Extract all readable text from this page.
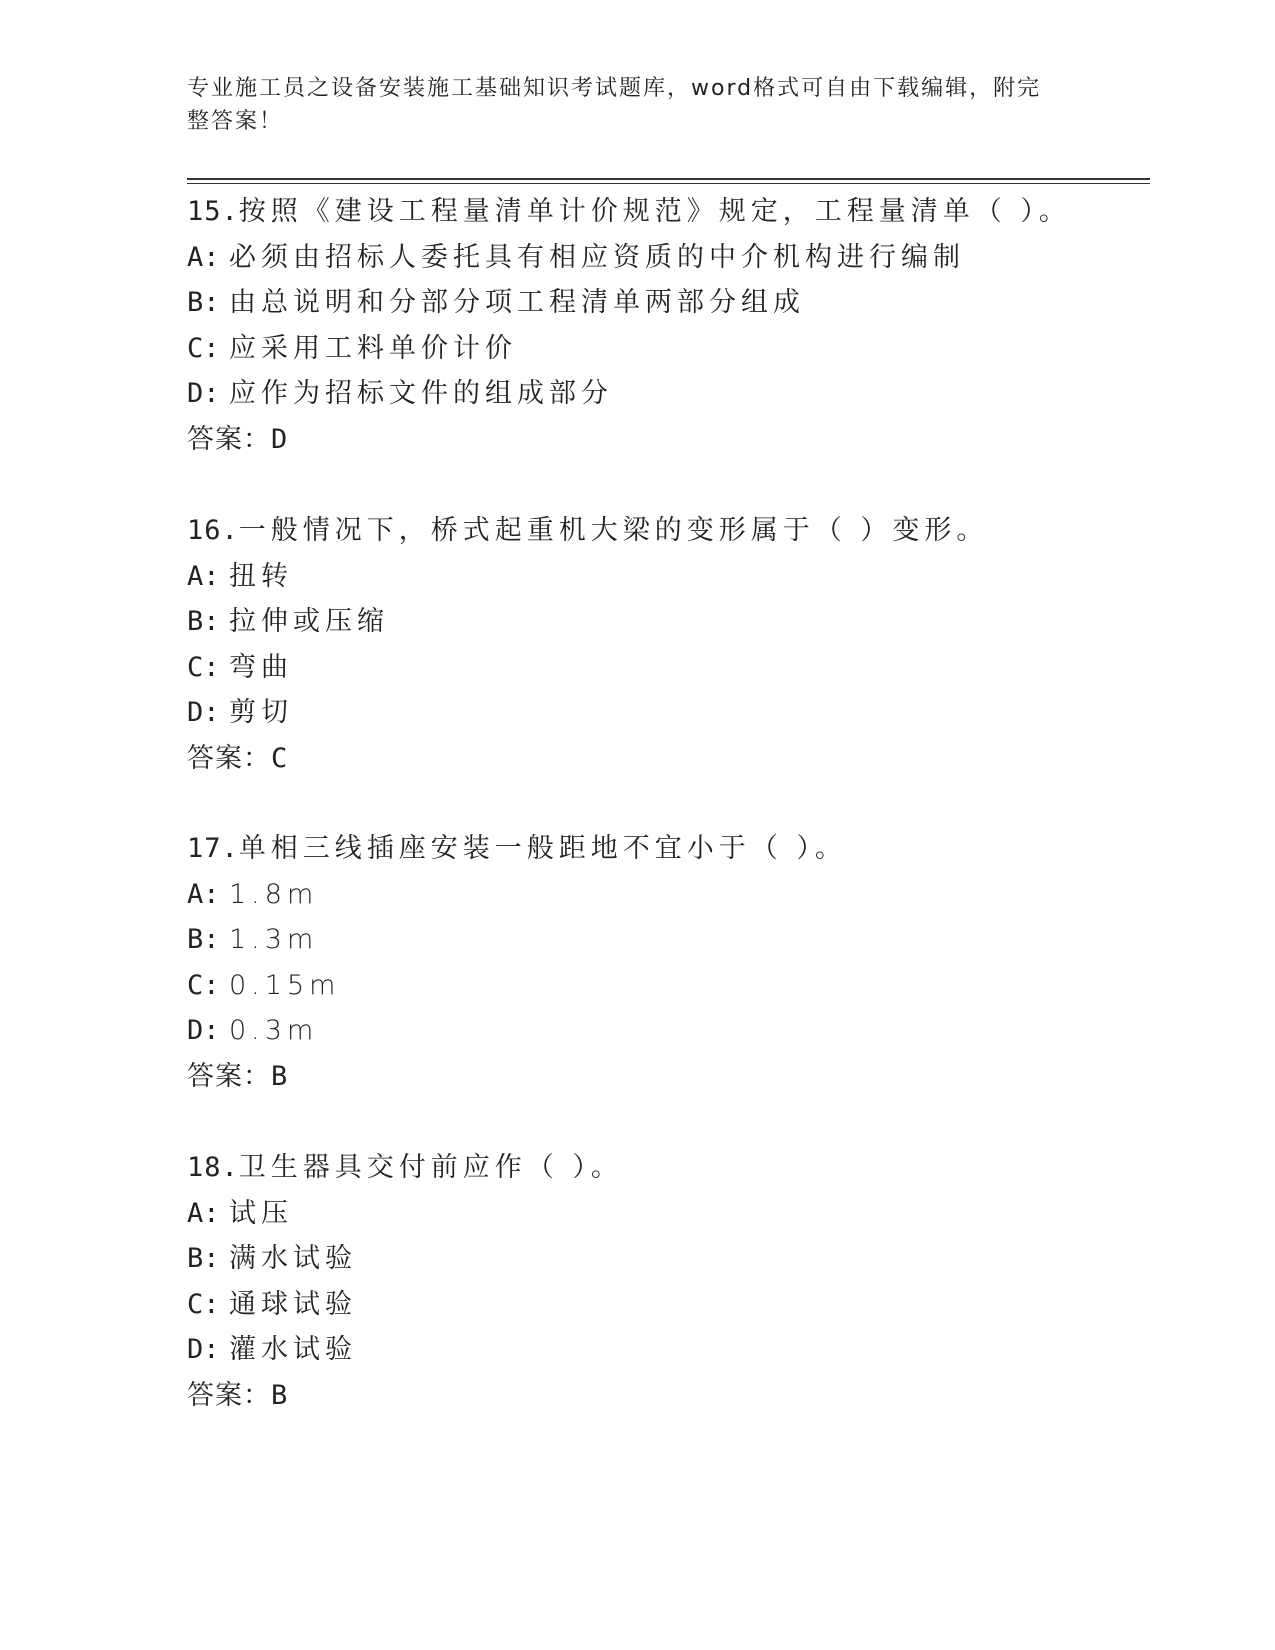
专业施工员之设备安装施工基础知识考试题库，word格式可自由下载编辑，附完
整答案！
15.按照《建设工程量清单计价规范》规定，工程量清单（ ）。
A: 必须由招标人委托具有相应资质的中介机构进行编制
B: 由总说明和分部分项工程清单两部分组成
C: 应采用工料单价计价
D: 应作为招标文件的组成部分
答案：D
16.一般情况下，桥式起重机大梁的变形属于（ ）变形。
A: 扭转
B: 拉伸或压缩
C: 弯曲
D: 剪切
答案：C
17.单相三线插座安装一般距地不宜小于（ ）。
A: 1.8m
B: 1.3m
C: 0.15m
D: 0.3m
答案：B
18.卫生器具交付前应作（ ）。
A: 试压
B: 满水试验
C: 通球试验
D: 灌水试验
答案：B
